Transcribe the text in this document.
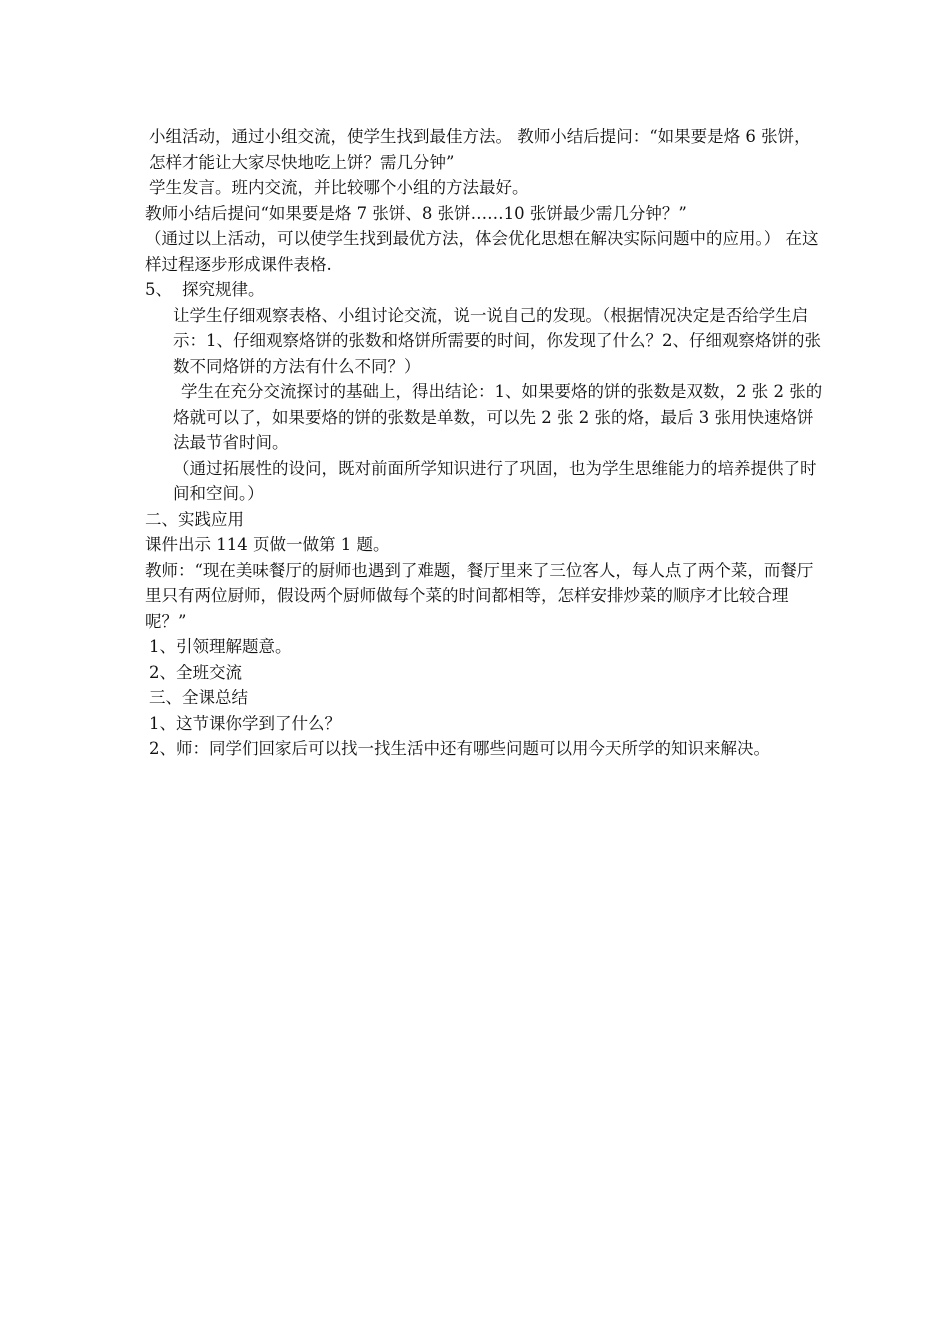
小组活动，通过小组交流，使学生找到最佳方法。 教师小结后提问：“如果要是烙 6 张饼，怎样才能让大家尽快地吃上饼？需几分钟”

学生发言。班内交流，并比较哪个小组的方法最好。

教师小结后提问“如果要是烙 7 张饼、8 张饼……10 张饼最少需几分钟？”

（通过以上活动，可以使学生找到最优方法，体会优化思想在解决实际问题中的应用。） 在这样过程逐步形成课件表格.

5、 探究规律。

让学生仔细观察表格、小组讨论交流，说一说自己的发现。（根据情况决定是否给学生启示：1、仔细观察烙饼的张数和烙饼所需要的时间，你发现了什么？2、仔细观察烙饼的张数不同烙饼的方法有什么不同？）

学生在充分交流探讨的基础上，得出结论：1、如果要烙的饼的张数是双数，2 张 2 张的烙就可以了，如果要烙的饼的张数是单数，可以先 2 张 2 张的烙，最后 3 张用快速烙饼法最节省时间。

（通过拓展性的设问，既对前面所学知识进行了巩固，也为学生思维能力的培养提供了时间和空间。）

二、实践应用

课件出示 114 页做一做第 1 题。

教师：“现在美味餐厅的厨师也遇到了难题，餐厅里来了三位客人，每人点了两个菜，而餐厅里只有两位厨师，假设两个厨师做每个菜的时间都相等，怎样安排炒菜的顺序才比较合理呢？”

1、引领理解题意。

2、全班交流

三、全课总结

1、这节课你学到了什么？

2、师：同学们回家后可以找一找生活中还有哪些问题可以用今天所学的知识来解决。
